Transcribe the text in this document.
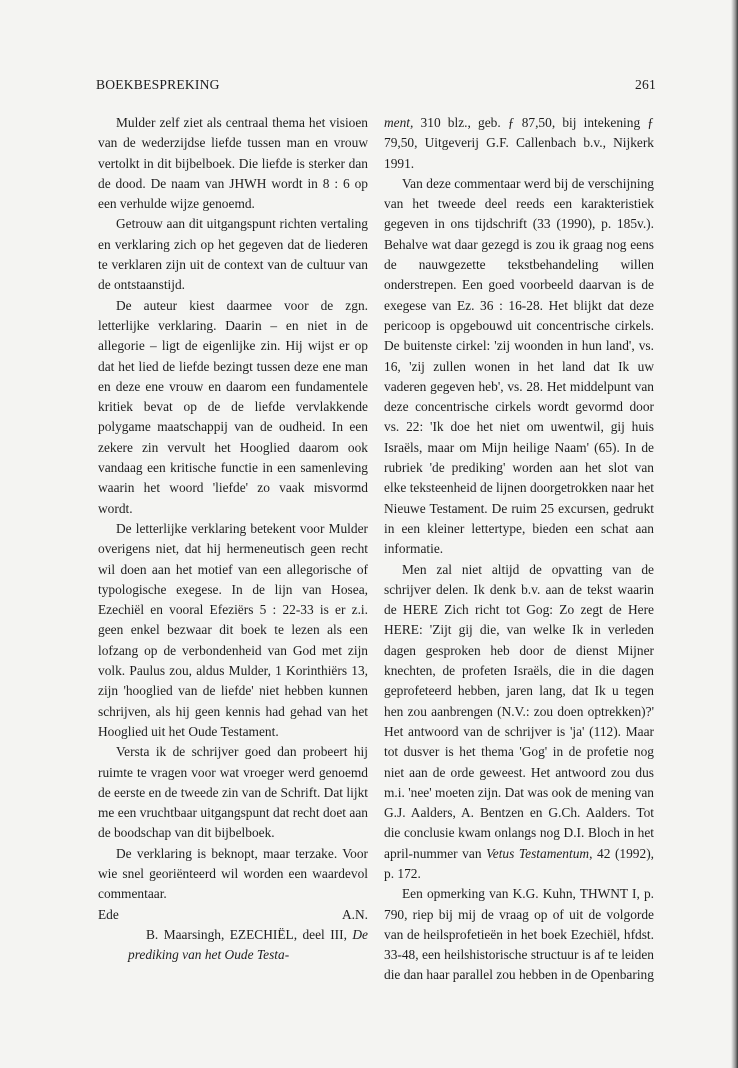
BOEKBESPREKING	261

Mulder zelf ziet als centraal thema het visioen van de wederzijdse liefde tussen man en vrouw vertolkt in dit bijbelboek. Die liefde is sterker dan de dood. De naam van JHWH wordt in 8 : 6 op een verhulde wijze genoemd.

Getrouw aan dit uitgangspunt richten vertaling en verklaring zich op het gegeven dat de liederen te verklaren zijn uit de context van de cultuur van de ontstaanstijd.

De auteur kiest daarmee voor de zgn. letterlijke verklaring. Daarin – en niet in de allegorie – ligt de eigenlijke zin. Hij wijst er op dat het lied de liefde bezingt tussen deze ene man en deze ene vrouw en daarom een fundamentele kritiek bevat op de de liefde vervlakkende polygame maatschappij van de oudheid. In een zekere zin vervult het Hooglied daarom ook vandaag een kritische functie in een samenleving waarin het woord 'liefde' zo vaak misvormd wordt.

De letterlijke verklaring betekent voor Mulder overigens niet, dat hij hermeneutisch geen recht wil doen aan het motief van een allegorische of typologische exegese. In de lijn van Hosea, Ezechiël en vooral Efeziërs 5 : 22-33 is er z.i. geen enkel bezwaar dit boek te lezen als een lofzang op de verbondenheid van God met zijn volk. Paulus zou, aldus Mulder, 1 Korinthiërs 13, zijn 'hooglied van de liefde' niet hebben kunnen schrijven, als hij geen kennis had gehad van het Hooglied uit het Oude Testament.

Versta ik de schrijver goed dan probeert hij ruimte te vragen voor wat vroeger werd genoemd de eerste en de tweede zin van de Schrift. Dat lijkt me een vruchtbaar uitgangspunt dat recht doet aan de boodschap van dit bijbelboek.

De verklaring is beknopt, maar terzake. Voor wie snel georiënteerd wil worden een waardevol commentaar.

Ede	A.N.

B. Maarsingh, EZECHIËL, deel III, De prediking van het Oude Testa-

ment, 310 blz., geb. ƒ 87,50, bij intekening ƒ 79,50, Uitgeverij G.F. Callenbach b.v., Nijkerk 1991.

Van deze commentaar werd bij de verschijning van het tweede deel reeds een karakteristiek gegeven in ons tijdschrift (33 (1990), p. 185v.). Behalve wat daar gezegd is zou ik graag nog eens de nauwgezette tekstbehandeling willen onderstrepen. Een goed voorbeeld daarvan is de exegese van Ez. 36 : 16-28. Het blijkt dat deze pericoop is opgebouwd uit concentrische cirkels. De buitenste cirkel: 'zij woonden in hun land', vs. 16, 'zij zullen wonen in het land dat Ik uw vaderen gegeven heb', vs. 28. Het middelpunt van deze concentrische cirkels wordt gevormd door vs. 22: 'Ik doe het niet om uwentwil, gij huis Israëls, maar om Mijn heilige Naam' (65). In de rubriek 'de prediking' worden aan het slot van elke teksteenheid de lijnen doorgetrokken naar het Nieuwe Testament. De ruim 25 excursen, gedrukt in een kleiner lettertype, bieden een schat aan informatie.

Men zal niet altijd de opvatting van de schrijver delen. Ik denk b.v. aan de tekst waarin de HERE Zich richt tot Gog: Zo zegt de Here HERE: 'Zijt gij die, van welke Ik in verleden dagen gesproken heb door de dienst Mijner knechten, de profeten Israëls, die in die dagen geprofeteerd hebben, jaren lang, dat Ik u tegen hen zou aanbrengen (N.V.: zou doen optrekken)?' Het antwoord van de schrijver is 'ja' (112). Maar tot dusver is het thema 'Gog' in de profetie nog niet aan de orde geweest. Het antwoord zou dus m.i. 'nee' moeten zijn. Dat was ook de mening van G.J. Aalders, A. Bentzen en G.Ch. Aalders. Tot die conclusie kwam onlangs nog D.I. Bloch in het april-nummer van Vetus Testamentum, 42 (1992), p. 172.

Een opmerking van K.G. Kuhn, THWNT I, p. 790, riep bij mij de vraag op of uit de volgorde van de heilsprofetieën in het boek Ezechiël, hfdst. 33-48, een heilshistorische structuur is af te leiden die dan haar parallel zou hebben in de Openbaring
